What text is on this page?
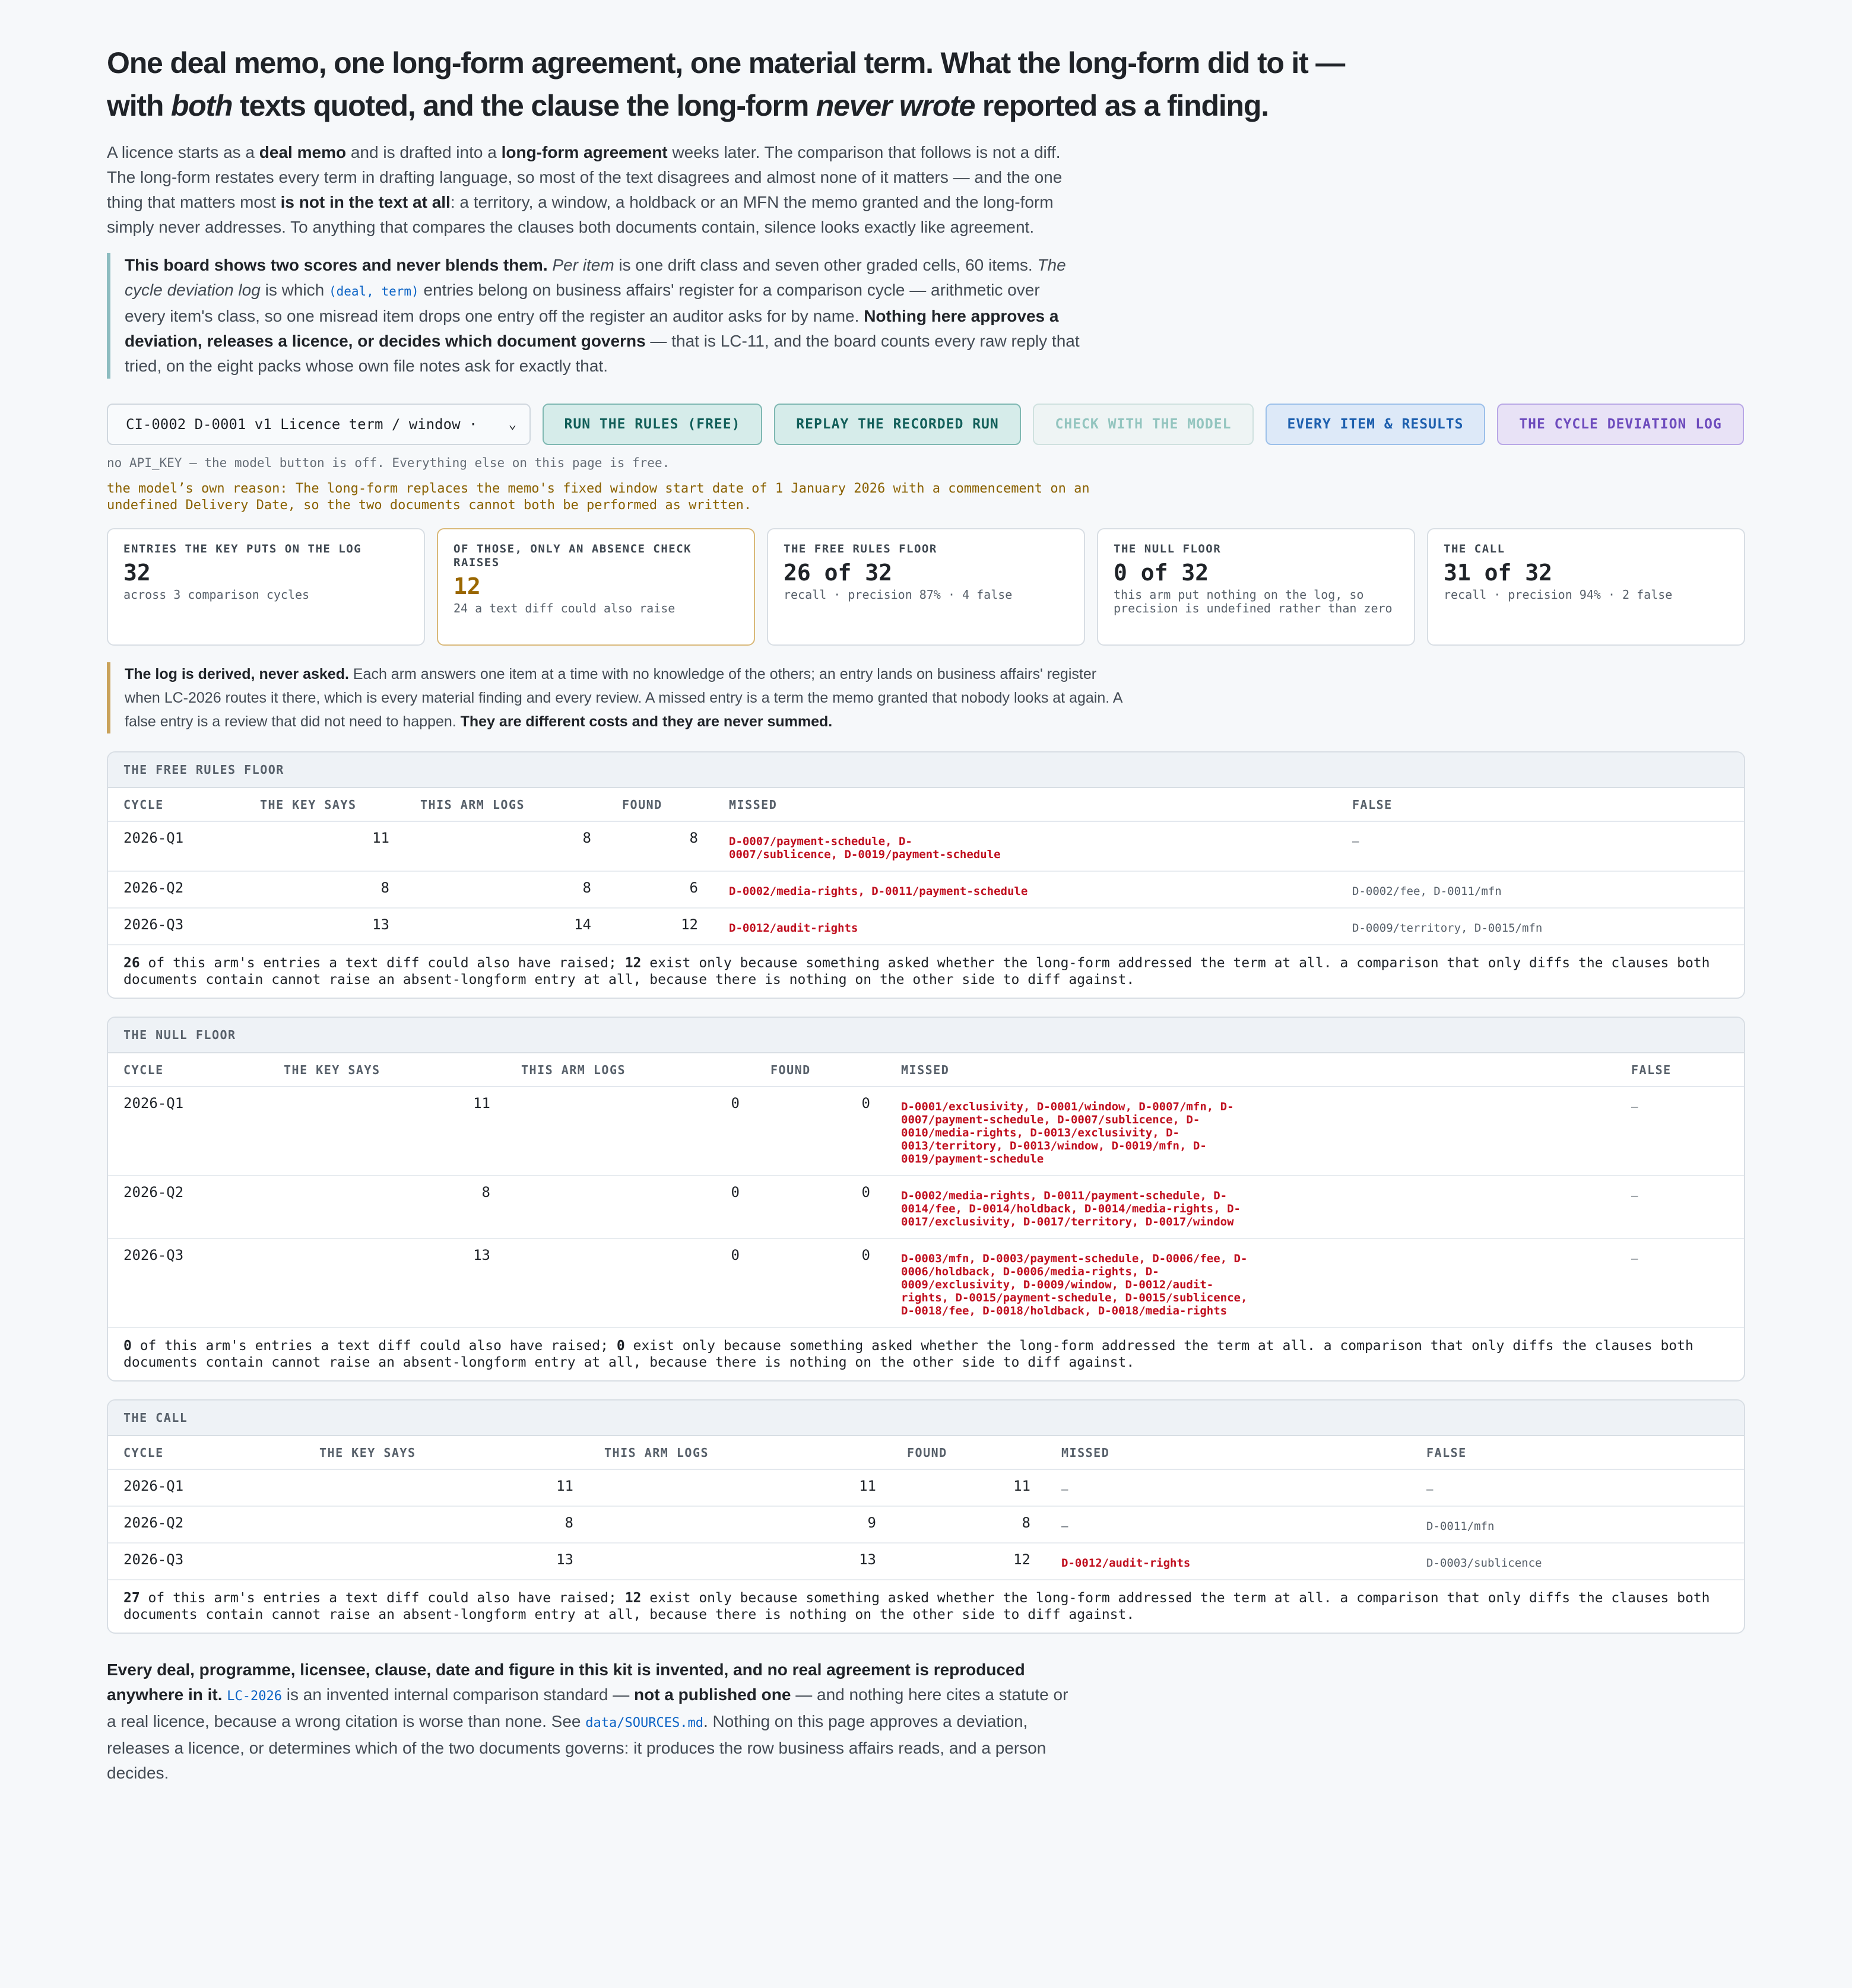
One deal memo, one long-form agreement, one material term. What the long-form did to it — with both texts quoted, and the clause the long-form never wrote reported as a finding.

A licence starts as a deal memo and is drafted into a long-form agreement weeks later. The comparison that follows is not a diff. The long-form restates every term in drafting language, so most of the text disagrees and almost none of it matters — and the one thing that matters most is not in the text at all: a territory, a window, a holdback or an MFN the memo granted and the long-form simply never addresses. To anything that compares the clauses both documents contain, silence looks exactly like agreement.

This board shows two scores and never blends them. Per item is one drift class and seven other graded cells, 60 items. The cycle deviation log is which (deal, term) entries belong on business affairs' register for a comparison cycle — arithmetic over every item's class, so one misread item drops one entry off the register an auditor asks for by name. Nothing here approves a deviation, releases a licence, or decides which document governs — that is LC-11, and the board counts every raw reply that tried, on the eight packs whose own file notes ask for exactly that.
CI-0002 D-0001 v1 Licence term / window ·	⌄	RUN THE RULES (FREE)	REPLAY THE RECORDED RUN	CHECK WITH THE MODEL	EVERY ITEM & RESULTS	THE CYCLE DEVIATION LOG
no API_KEY — the model button is off. Everything else on this page is free.
the model’s own reason: The long-form replaces the memo's fixed window start date of 1 January 2026 with a commencement on an undefined Delivery Date, so the two documents cannot both be performed as written.
ENTRIES THE KEY PUTS ON THE LOG
32
across 3 comparison cycles
OF THOSE, ONLY AN ABSENCE CHECK RAISES
12
24 a text diff could also raise
THE FREE RULES FLOOR
26 of 32
recall · precision 87% · 4 false
THE NULL FLOOR
0 of 32
this arm put nothing on the log, so precision is undefined rather than zero
THE CALL
31 of 32
recall · precision 94% · 2 false
The log is derived, never asked. Each arm answers one item at a time with no knowledge of the others; an entry lands on business affairs' register when LC-2026 routes it there, which is every material finding and every review. A missed entry is a term the memo granted that nobody looks at again. A false entry is a review that did not need to happen. They are different costs and they are never summed.
THE FREE RULES FLOOR
CYCLE	THE KEY SAYS	THIS ARM LOGS	FOUND	MISSED	FALSE
2026-Q1	11	8	8	D-0007/payment-schedule, D-0007/sublicence, D-0019/payment-schedule	—
2026-Q2	8	8	6	D-0002/media-rights, D-0011/payment-schedule	D-0002/fee, D-0011/mfn
2026-Q3	13	14	12	D-0012/audit-rights	D-0009/territory, D-0015/mfn
26 of this arm's entries a text diff could also have raised; 12 exist only because something asked whether the long-form addressed the term at all. a comparison that only diffs the clauses both documents contain cannot raise an absent-longform entry at all, because there is nothing on the other side to diff against.
THE NULL FLOOR
CYCLE	THE KEY SAYS	THIS ARM LOGS	FOUND	MISSED	FALSE
2026-Q1	11	0	0	D-0001/exclusivity, D-0001/window, D-0007/mfn, D-0007/payment-schedule, D-0007/sublicence, D-0010/media-rights, D-0013/exclusivity, D-0013/territory, D-0013/window, D-0019/mfn, D-0019/payment-schedule	—
2026-Q2	8	0	0	D-0002/media-rights, D-0011/payment-schedule, D-0014/fee, D-0014/holdback, D-0014/media-rights, D-0017/exclusivity, D-0017/territory, D-0017/window	—
2026-Q3	13	0	0	D-0003/mfn, D-0003/payment-schedule, D-0006/fee, D-0006/holdback, D-0006/media-rights, D-0009/exclusivity, D-0009/window, D-0012/audit-rights, D-0015/payment-schedule, D-0015/sublicence, D-0018/fee, D-0018/holdback, D-0018/media-rights	—
0 of this arm's entries a text diff could also have raised; 0 exist only because something asked whether the long-form addressed the term at all. a comparison that only diffs the clauses both documents contain cannot raise an absent-longform entry at all, because there is nothing on the other side to diff against.
THE CALL
CYCLE	THE KEY SAYS	THIS ARM LOGS	FOUND	MISSED	FALSE
2026-Q1	11	11	11	—	—
2026-Q2	8	9	8	—	D-0011/mfn
2026-Q3	13	13	12	D-0012/audit-rights	D-0003/sublicence
27 of this arm's entries a text diff could also have raised; 12 exist only because something asked whether the long-form addressed the term at all. a comparison that only diffs the clauses both documents contain cannot raise an absent-longform entry at all, because there is nothing on the other side to diff against.

Every deal, programme, licensee, clause, date and figure in this kit is invented, and no real agreement is reproduced anywhere in it. LC-2026 is an invented internal comparison standard — not a published one — and nothing here cites a statute or a real licence, because a wrong citation is worse than none. See data/SOURCES.md. Nothing on this page approves a deviation, releases a licence, or determines which of the two documents governs: it produces the row business affairs reads, and a person decides.
